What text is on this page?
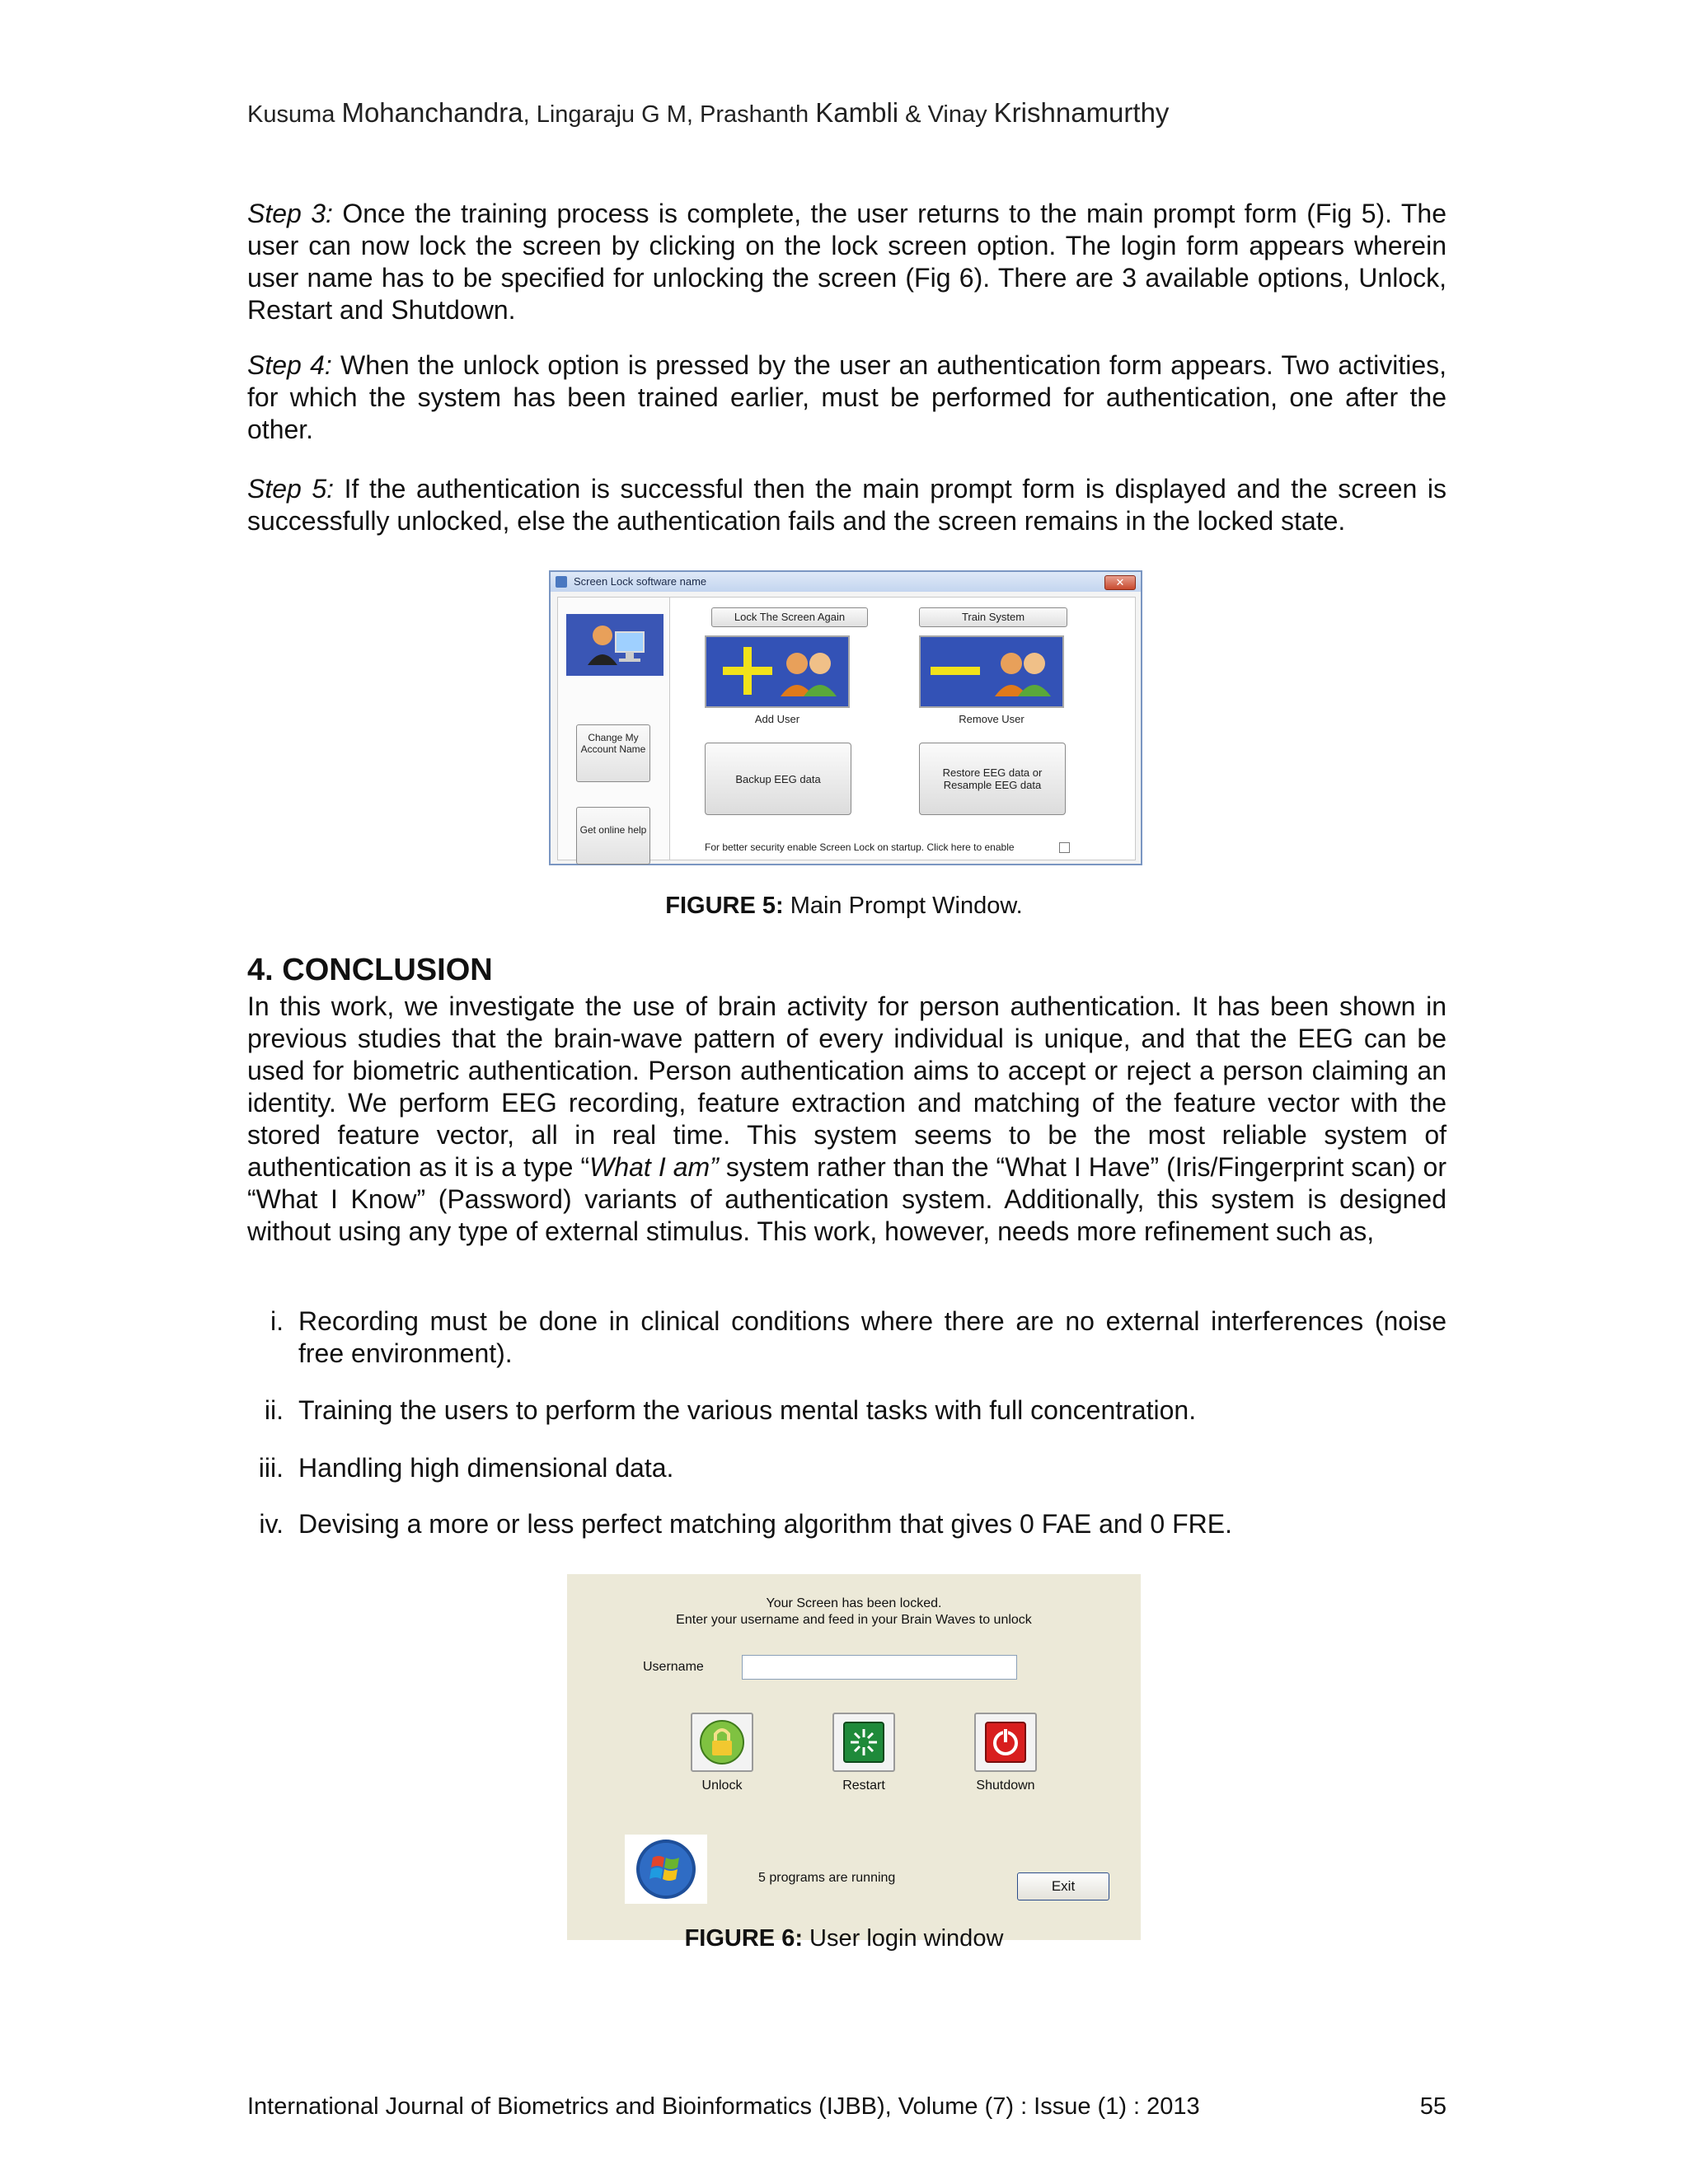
Kusuma Mohanchandra, Lingaraju G M, Prashanth Kambli & Vinay Krishnamurthy
Step 3: Once the training process is complete, the user returns to the main prompt form (Fig 5). The user can now lock the screen by clicking on the lock screen option. The login form appears wherein user name has to be specified for unlocking the screen (Fig 6). There are 3 available options, Unlock, Restart and Shutdown.
Step 4: When the unlock option is pressed by the user an authentication form appears. Two activities, for which the system has been trained earlier, must be performed for authentication, one after the other.
Step 5: If the authentication is successful then the main prompt form is displayed and the screen is successfully unlocked, else the authentication fails and the screen remains in the locked state.
Screen Lock software name	✕
Change My Account Name
Get online help
Lock The Screen Again	Train System
Add User	Remove User
Backup EEG data	Restore EEG data or Resample EEG data
For better security enable Screen Lock on startup. Click here to enable
FIGURE 5: Main Prompt Window.
4. CONCLUSION
In this work, we investigate the use of brain activity for person authentication. It has been shown in previous studies that the brain-wave pattern of every individual is unique, and that the EEG can be used for biometric authentication. Person authentication aims to accept or reject a person claiming an identity. We perform EEG recording, feature extraction and matching of the feature vector with the stored feature vector, all in real time. This system seems to be the most reliable system of authentication as it is a type “What I am” system rather than the “What I Have” (Iris/Fingerprint scan) or “What I Know” (Password) variants of authentication system. Additionally, this system is designed without using any type of external stimulus. This work, however, needs more refinement such as,
i. Recording must be done in clinical conditions where there are no external interferences (noise free environment).
ii. Training the users to perform the various mental tasks with full concentration.
iii. Handling high dimensional data.
iv. Devising a more or less perfect matching algorithm that gives 0 FAE and 0 FRE.
Your Screen has been locked.
Enter your username and feed in your Brain Waves to unlock
Username
Unlock	Restart	Shutdown
5 programs are running
Exit
FIGURE 6: User login window
International Journal of Biometrics and Bioinformatics (IJBB), Volume (7) : Issue (1) : 2013	55
